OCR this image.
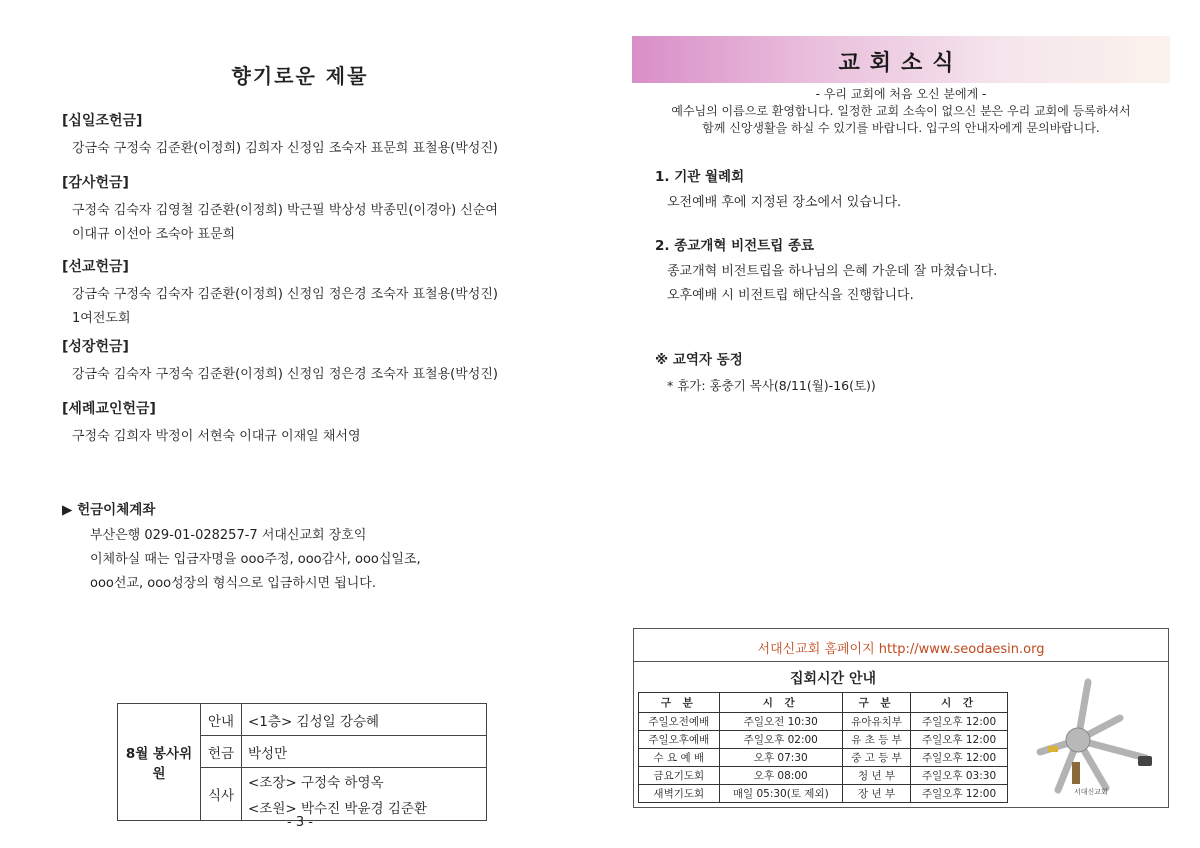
향기로운 제물
[십일조헌금]
강금숙 구정숙 김준환(이정희) 김희자 신정임 조숙자 표문희 표철용(박성진)
[감사헌금]
구정숙 김숙자 김영철 김준환(이정희) 박근필 박상성 박종민(이경아) 신순여
이대규 이선아 조숙아 표문희
[선교헌금]
강금숙 구정숙 김숙자 김준환(이정희) 신정임 정은경 조숙자 표철용(박성진)
1여전도회
[성장헌금]
강금숙 김숙자 구정숙 김준환(이정희) 신정임 정은경 조숙자 표철용(박성진)
[세례교인헌금]
구정숙 김희자 박정이 서현숙 이대규 이재일 채서영
▶ 헌금이체계좌
부산은행 029-01-028257-7 서대신교회 장호익
이체하실 때는 입금자명을 ooo주정, ooo감사, ooo십일조,
ooo선교, ooo성장의 형식으로 입금하시면 됩니다.
8월 봉사위원	안내	<1층> 김성일 강승혜
	헌금	박성만
	식사	<조장> 구정숙 하영옥
		<조원> 박수진 박윤경 김준환
- 3 -
교회소식
- 우리 교회에 처음 오신 분에게 -
예수님의 이름으로 환영합니다. 일정한 교회 소속이 없으신 분은 우리 교회에 등록하셔서
함께 신앙생활을 하실 수 있기를 바랍니다. 입구의 안내자에게 문의바랍니다.
1. 기관 월례회
오전예배 후에 지정된 장소에서 있습니다.
2. 종교개혁 비전트립 종료
종교개혁 비전트립을 하나님의 은혜 가운데 잘 마쳤습니다.
오후예배 시 비전트립 해단식을 진행합니다.
※ 교역자 동정
* 휴가: 홍충기 목사(8/11(월)-16(토))
서대신교회 홈페이지 http://www.seodaesin.org
집회시간 안내
구 분	시 간	구 분	시 간
주일오전예배	주일오전 10:30	유아유치부	주일오후 12:00
주일오후예배	주일오후 02:00	유 초 등 부	주일오후 12:00
수 요 예 배	오후 07:30	중 고 등 부	주일오후 12:00
금요기도회	오후 08:00	청 년 부	주일오후 03:30
새벽기도회	매일 05:30(토 제외)	장 년 부	주일오후 12:00	서대신교회
